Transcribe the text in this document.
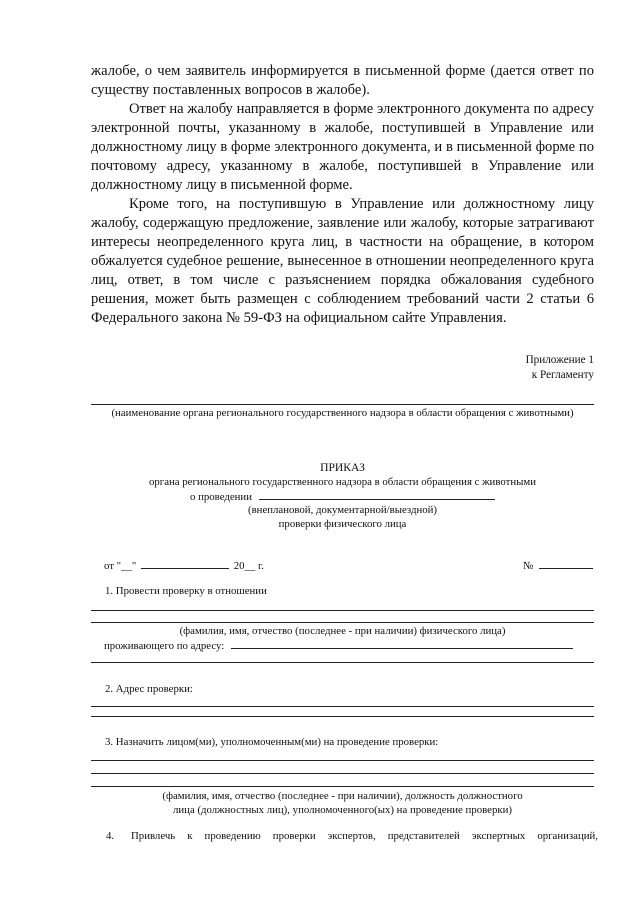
жалобе, о чем заявитель информируется в письменной форме (дается ответ по существу поставленных вопросов в жалобе).

Ответ на жалобу направляется в форме электронного документа по адресу электронной почты, указанному в жалобе, поступившей в Управление или должностному лицу в форме электронного документа, и в письменной форме по почтовому адресу, указанному в жалобе, поступившей в Управление или должностному лицу в письменной форме.

Кроме того, на поступившую в Управление или должностному лицу жалобу, содержащую предложение, заявление или жалобу, которые затрагивают интересы неопределенного круга лиц, в частности на обращение, в котором обжалуется судебное решение, вынесенное в отношении неопределенного круга лиц, ответ, в том числе с разъяснением порядка обжалования судебного решения, может быть размещен с соблюдением требований части 2 статьи 6 Федерального закона № 59-ФЗ на официальном сайте Управления.

Приложение 1
к Регламенту
(наименование органа регионального государственного надзора в области обращения с животными)
ПРИКАЗ
органа регионального государственного надзора в области обращения с животными
о проведении
(внеплановой, документарной/выездной)
проверки физического лица
от "__"	20__ г.	№
1. Провести проверку в отношении
(фамилия, имя, отчество (последнее - при наличии) физического лица)
проживающего по адресу:
2. Адрес проверки:
3. Назначить лицом(ми), уполномоченным(ми) на проведение проверки:
(фамилия, имя, отчество (последнее - при наличии), должность должностного
лица (должностных лиц), уполномоченного(ых) на проведение проверки)
4. Привлечь к проведению проверки экспертов, представителей экспертных организаций,
